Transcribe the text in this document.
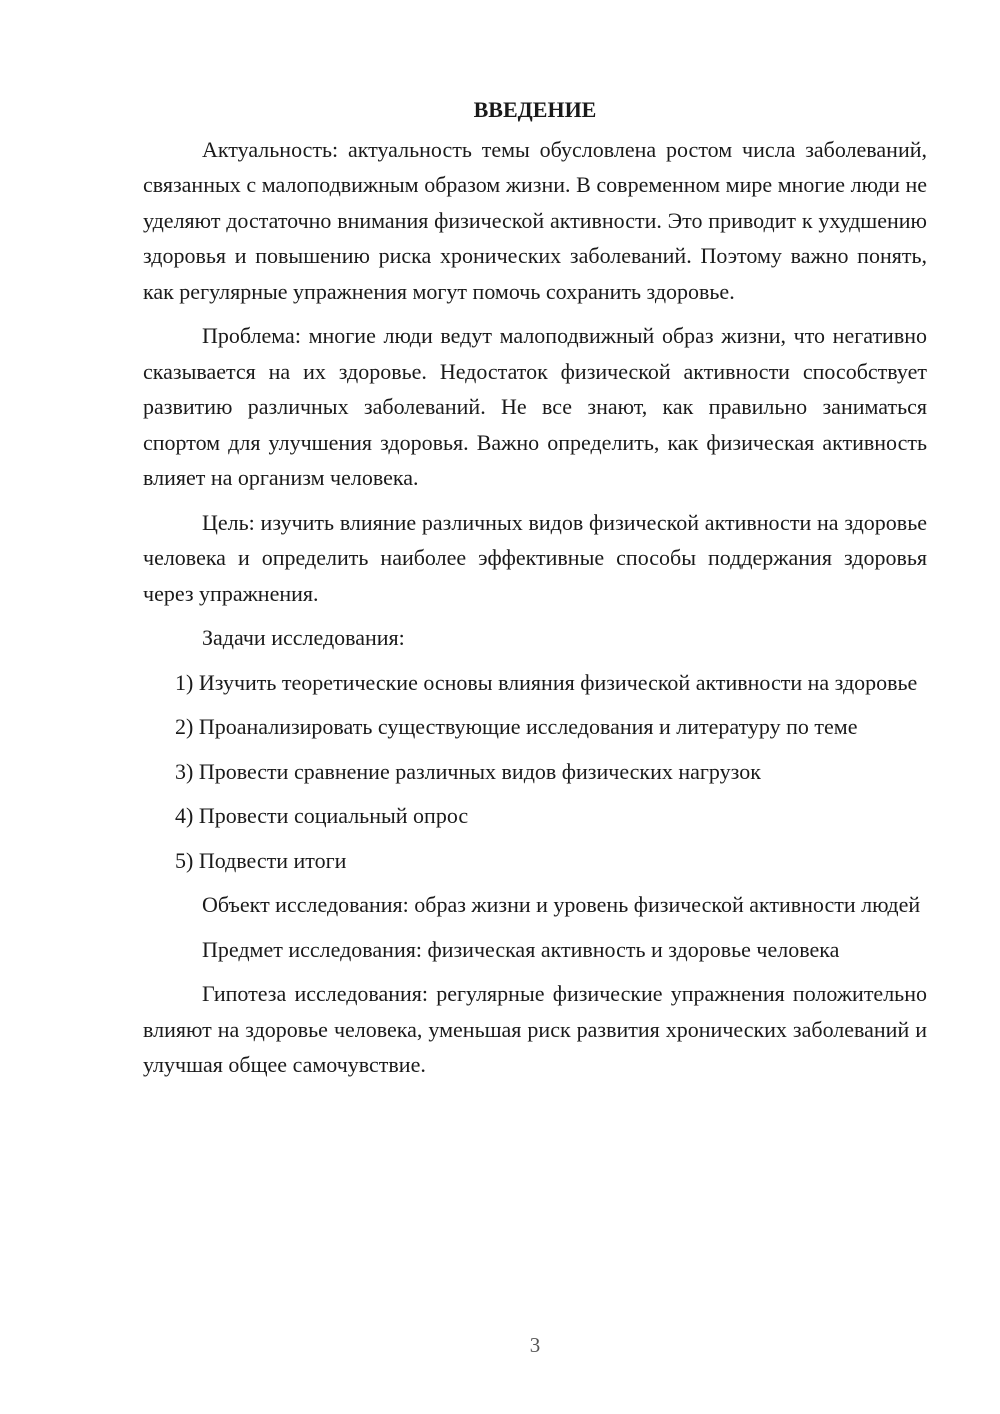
ВВЕДЕНИЕ

Актуальность: актуальность темы обусловлена ростом числа заболеваний, связанных с малоподвижным образом жизни. В современном мире многие люди не уделяют достаточно внимания физической активности. Это приводит к ухудшению здоровья и повышению риска хронических заболеваний. Поэтому важно понять, как регулярные упражнения могут помочь сохранить здоровье.

Проблема: многие люди ведут малоподвижный образ жизни, что негативно сказывается на их здоровье. Недостаток физической активности способствует развитию различных заболеваний. Не все знают, как правильно заниматься спортом для улучшения здоровья. Важно определить, как физическая активность влияет на организм человека.

Цель: изучить влияние различных видов физической активности на здоровье человека и определить наиболее эффективные способы поддержания здоровья через упражнения.

Задачи исследования:

1) Изучить теоретические основы влияния физической активности на здоровье

2) Проанализировать существующие исследования и литературу по теме

3) Провести сравнение различных видов физических нагрузок

4) Провести социальный опрос

5) Подвести итоги

Объект исследования: образ жизни и уровень физической активности людей

Предмет исследования: физическая активность и здоровье человека

Гипотеза исследования: регулярные физические упражнения положительно влияют на здоровье человека, уменьшая риск развития хронических заболеваний и улучшая общее самочувствие.

3
